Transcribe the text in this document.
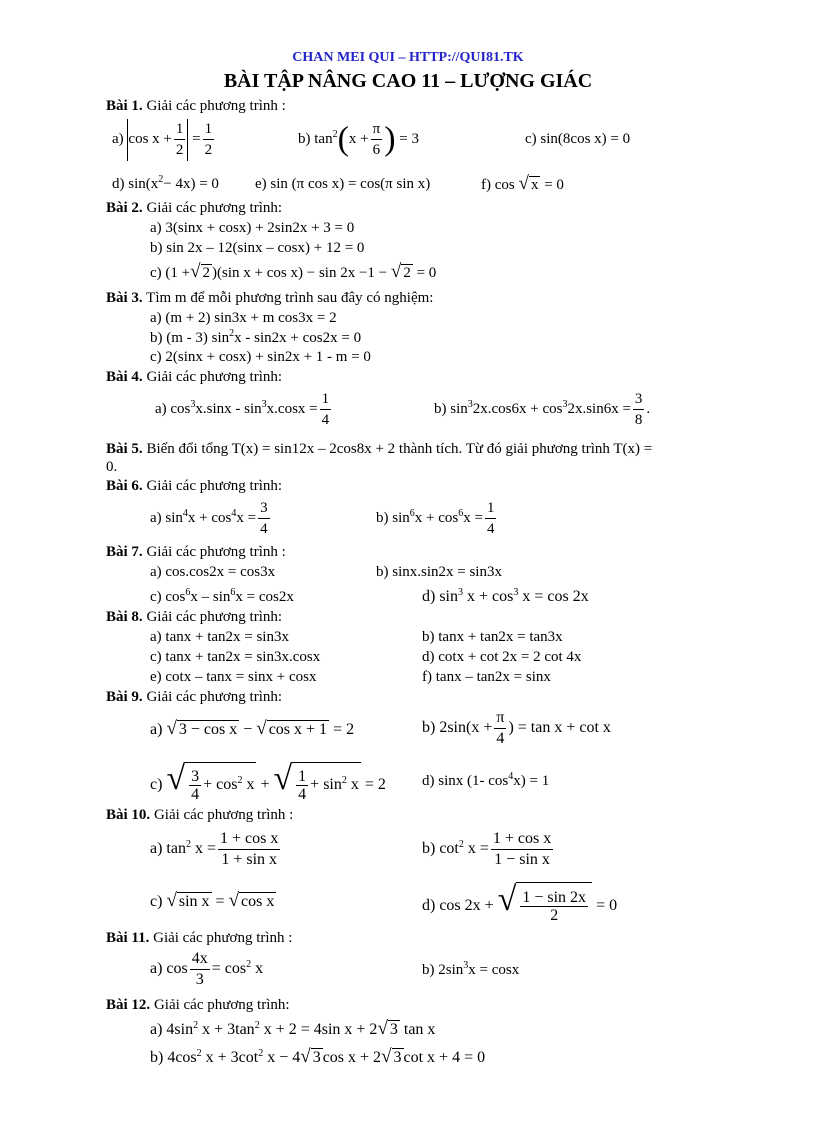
CHAN MEI QUI – HTTP://QUI81.TK
BÀI TẬP NÂNG CAO 11 – LƯỢNG GIÁC
Bài 1. Giải các phương trình :
a) $\cos x + \frac{1}{2} = \frac{1}{2}$	b) $\tan^2(x + \frac{\pi}{6}$ ) = 3	c) sin(8cos x) = 0
d) $\sin(x^2- 4x) = 0$ e) sin (π cos x) = cos(π sin x)	f) cos √ x = 0
Bài 2. Giải các phương trình:
a) 3(sinx + cosx) + 2sin2x + 3 = 0
b) sin 2x – 12(sinx – cosx) + 12 = 0
c) (1 +√ 2 )(sin x + cos x) − sin 2x −1 − √ 2 = 0
Bài 3. Tìm m để mỗi phương trình sau đây có nghiệm:
a) (m + 2) sin3x + m cos3x = 2
b) (m - 3) $\sin^2x - \sin 2x + \cos 2x = 0$
c) 2(sinx + cosx) + sin2x + 1 - m = 0
Bài 4. Giải các phương trình:
a) $\cos^3x.\sin x - \sin^3x.\cos x = \frac{1}{4}$	b) $\sin^32x.\cos 6x + \cos^32x.\sin 6x = \frac{3}{8}$ .
Bài 5. Biến đổi tổng T(x) = sin12x – 2cos8x + 2 thành tích. Từ đó giải phương trình T(x) =
0.
Bài 6. Giải các phương trình:
a) $\sin^4x + \cos^4x = \frac{3}{4}$	b) $\sin^6x + \cos^6x = \frac{1}{4}$
Bài 7. Giải các phương trình :
a) cos.cos2x = cos3x	b) sinx.sin2x = sin3x
c) $\cos^6x - \sin^6x = \cos 2x$	d) $\sin^3 x + \cos^3 x = \cos 2x$
Bài 8. Giải các phương trình:
a) tanx + tan2x = sin3x	b) tanx + tan2x = tan3x
c) tanx + tan2x = sin3x.cosx	d) cotx + cot 2x = 2 cot 4x
e) cotx – tanx = sinx + cosx	f) tanx – tan2x = sinx
Bài 9. Giải các phương trình:
a) √ 3 − cos x − √ cos x + 1 = 2	b) $2\sin(x + \frac{\pi}{4}$ ) = tan x + cot x
c) √ $\frac{3}{4} + \cos^2 x$ + √ $\frac{1}{4} + \sin^2 x = 2$ d) sinx (1- $\cos^4x) = 1$
Bài 10. Giải các phương trình :
a) $\tan^2 x = \frac{\text{1 + cos x}}{\text{1 + sin x}}$	b) $\cot^2 x = \frac{\text{1 + cos x}}{\text{1 − sin x}}$
c) √ sin x = √ cos x	d) cos 2x + √ $\frac{1 - \sin 2x}{2} = 0$
Bài 11. Giải các phương trình :
a) $\cos \frac{4x}{3} = \cos^2 x$	b) $2\sin^3x = \cos x$
Bài 12. Giải các phương trình:
a) $4\sin^2$ $x + 3\tan^2$ x + 2 = 4sin x + 2√ 3 tan x
b) $4\cos^2$ $x + 3\cot^2$ x − 4√ 3 cos x + 2√ 3 cot x + 4 = 0
